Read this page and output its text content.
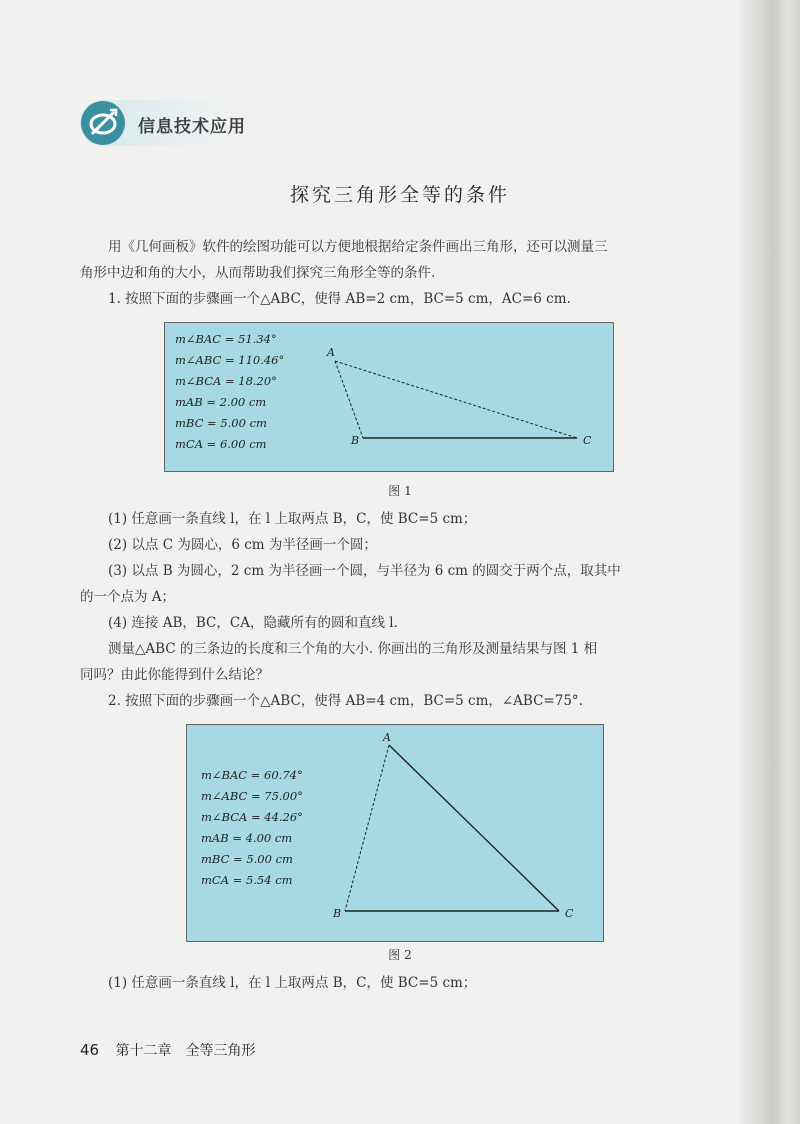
信息技术应用
探究三角形全等的条件
用《几何画板》软件的绘图功能可以方便地根据给定条件画出三角形，还可以测量三
角形中边和角的大小，从而帮助我们探究三角形全等的条件.
1. 按照下面的步骤画一个△ABC，使得 AB=2 cm，BC=5 cm，AC=6 cm.
m∠BAC = 51.34°
m∠ABC = 110.46°
m∠BCA = 18.20°
mAB = 2.00 cm
mBC = 5.00 cm
mCA = 6.00 cm
A
B	C
图 1
(1) 任意画一条直线 l，在 l 上取两点 B，C，使 BC=5 cm；
(2) 以点 C 为圆心，6 cm 为半径画一个圆；
(3) 以点 B 为圆心，2 cm 为半径画一个圆，与半径为 6 cm 的圆交于两个点，取其中
的一个点为 A；
(4) 连接 AB，BC，CA，隐藏所有的圆和直线 l.
测量△ABC 的三条边的长度和三个角的大小. 你画出的三角形及测量结果与图 1 相
同吗？由此你能得到什么结论？
2. 按照下面的步骤画一个△ABC，使得 AB=4 cm，BC=5 cm，∠ABC=75°.
m∠BAC = 60.74°
m∠ABC = 75.00°
m∠BCA = 44.26°
mAB = 4.00 cm
mBC = 5.00 cm
mCA = 5.54 cm
A
B	C
图 2
(1) 任意画一条直线 l，在 l 上取两点 B，C，使 BC=5 cm；
46 第十二章　全等三角形
